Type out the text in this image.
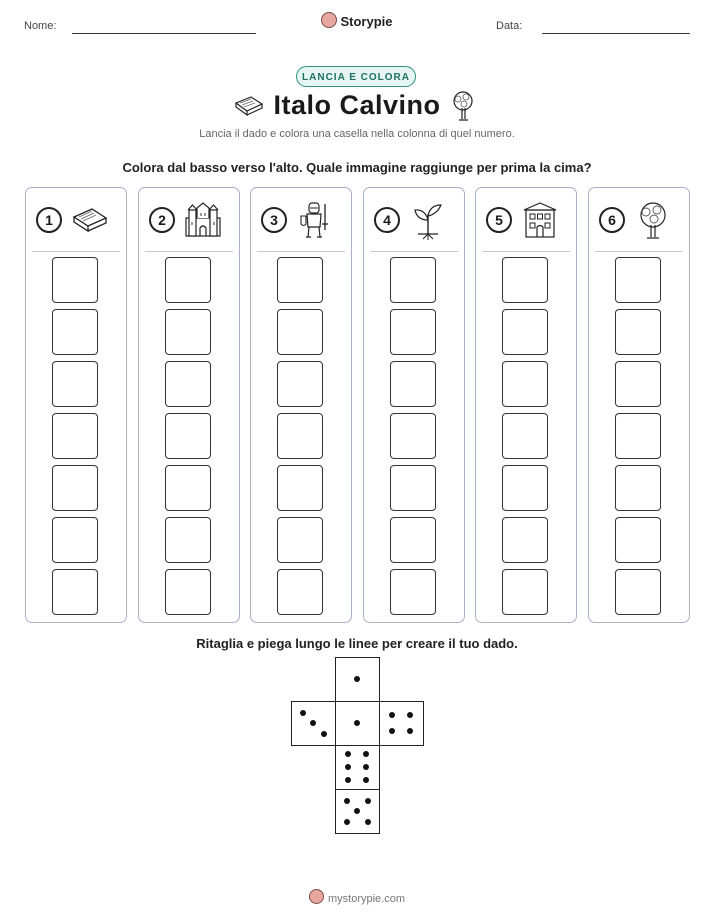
Nome:	Storypie	Data:
LANCIA E COLORA
Italo Calvino
Lancia il dado e colora una casella nella colonna di quel numero.
Colora dal basso verso l'alto. Quale immagine raggiunge per prima la cima?
1	2	3	4	5	6
Ritaglia e piega lungo le linee per creare il tuo dado.
mystorypie.com
